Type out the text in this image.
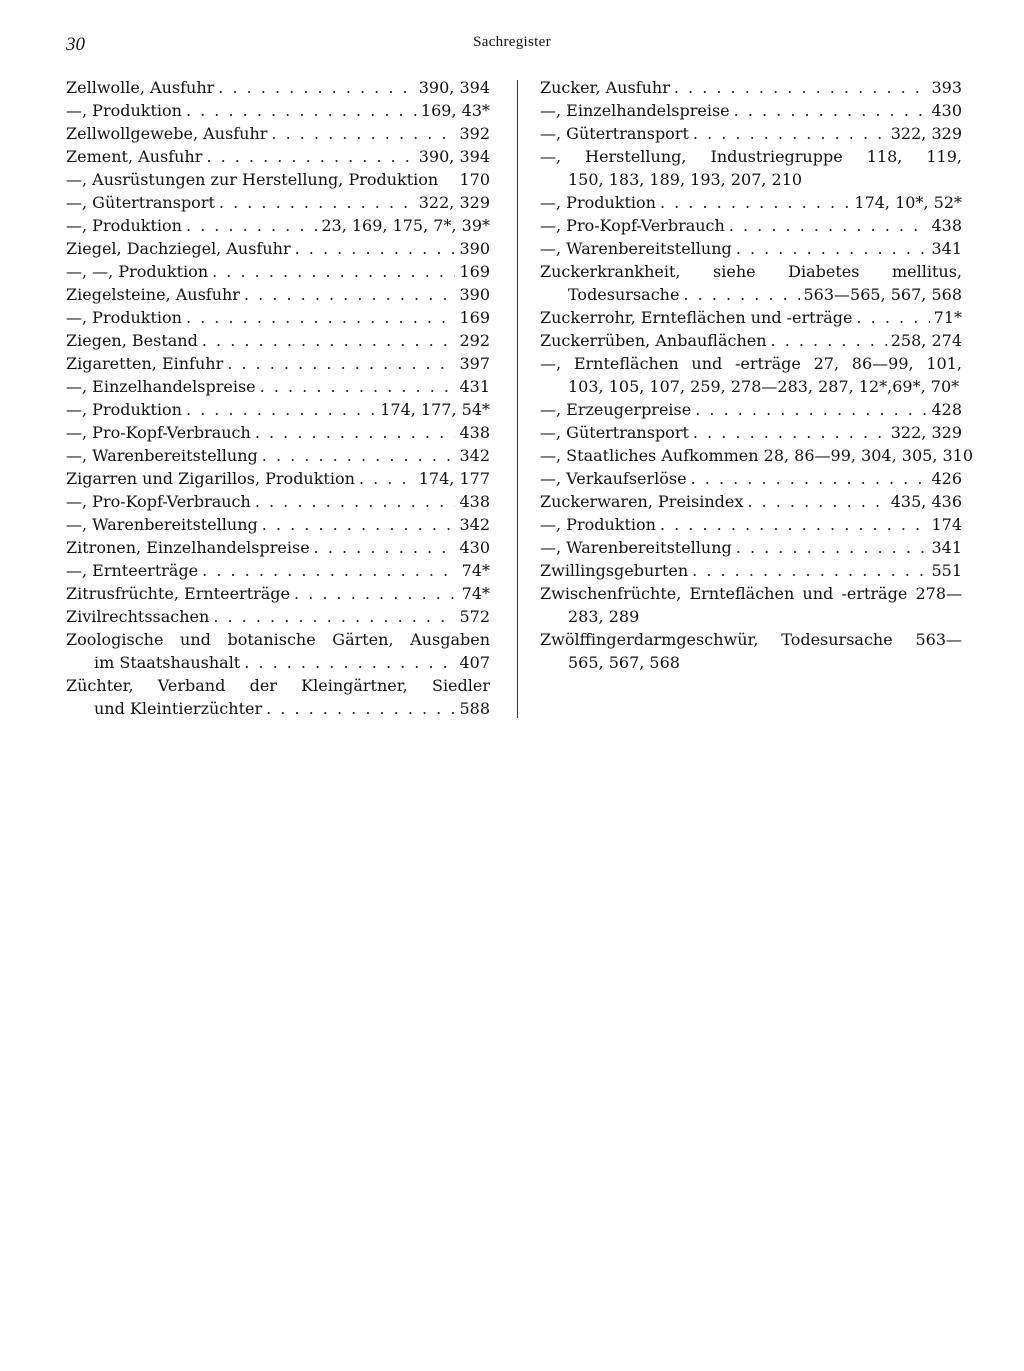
30	Sachregister
Zellwolle, Ausfuhr . . .	390, 394
—, Produktion . . .	169, 43*
Zellwollgewebe, Ausfuhr . . .	392
Zement, Ausfuhr . . .	390, 394
—, Ausrüstungen zur Herstellung, Produktion 170
—, Gütertransport . . .	322, 329
—, Produktion . . .	23, 169, 175, 7*, 39*
Ziegel, Dachziegel, Ausfuhr . . .	390
—, —, Produktion . . .	169
Ziegelsteine, Ausfuhr . . .	390
—, Produktion . . .	169
Ziegen, Bestand . . .	292
Zigaretten, Einfuhr . . .	397
—, Einzelhandelspreise . . .	431
—, Produktion . . .	174, 177, 54*
—, Pro-Kopf-Verbrauch . . .	438
—, Warenbereitstellung . . .	342
Zigarren und Zigarillos, Produktion . . .	174, 177
—, Pro-Kopf-Verbrauch . . .	438
—, Warenbereitstellung . . .	342
Zitronen, Einzelhandelspreise . . .	430
—, Ernteerträge . . .	74*
Zitrusfrüchte, Ernteerträge . . .	74*
Zivilrechtssachen . . .	572
Zoologische und botanische Gärten, Ausgaben
im Staatshaushalt . . .	407
Züchter, Verband der Kleingärtner, Siedler
und Kleintierzüchter . . .	588
Zucker, Ausfuhr . . .	393
—, Einzelhandelspreise . . .	430
—, Gütertransport . . .	322, 329
—, Herstellung, Industriegruppe 118, 119,
150, 183, 189, 193, 207, 210
—, Produktion . . .	174, 10*, 52*
—, Pro-Kopf-Verbrauch . . .	438
—, Warenbereitstellung . . .	341
Zuckerkrankheit, siehe Diabetes mellitus,
Todesursache . . .	563—565, 567, 568
Zuckerrohr, Ernteflächen und -erträge . . .	71*
Zuckerrüben, Anbauflächen . . .	258, 274
—, Ernteflächen und -erträge 27, 86—99, 101,
103, 105, 107, 259, 278—283, 287, 12*,69*, 70*
—, Erzeugerpreise . . .	428
—, Gütertransport . . .	322, 329
—, Staatliches Aufkommen 28, 86—99, 304, 305, 310
—, Verkaufserlöse . . .	426
Zuckerwaren, Preisindex . . .	435, 436
—, Produktion . . .	174
—, Warenbereitstellung . . .	341
Zwillingsgeburten . . .	551
Zwischenfrüchte, Ernteflächen und -erträge 278—
283, 289
Zwölffingerdarmgeschwür, Todesursache 563—
565, 567, 568
